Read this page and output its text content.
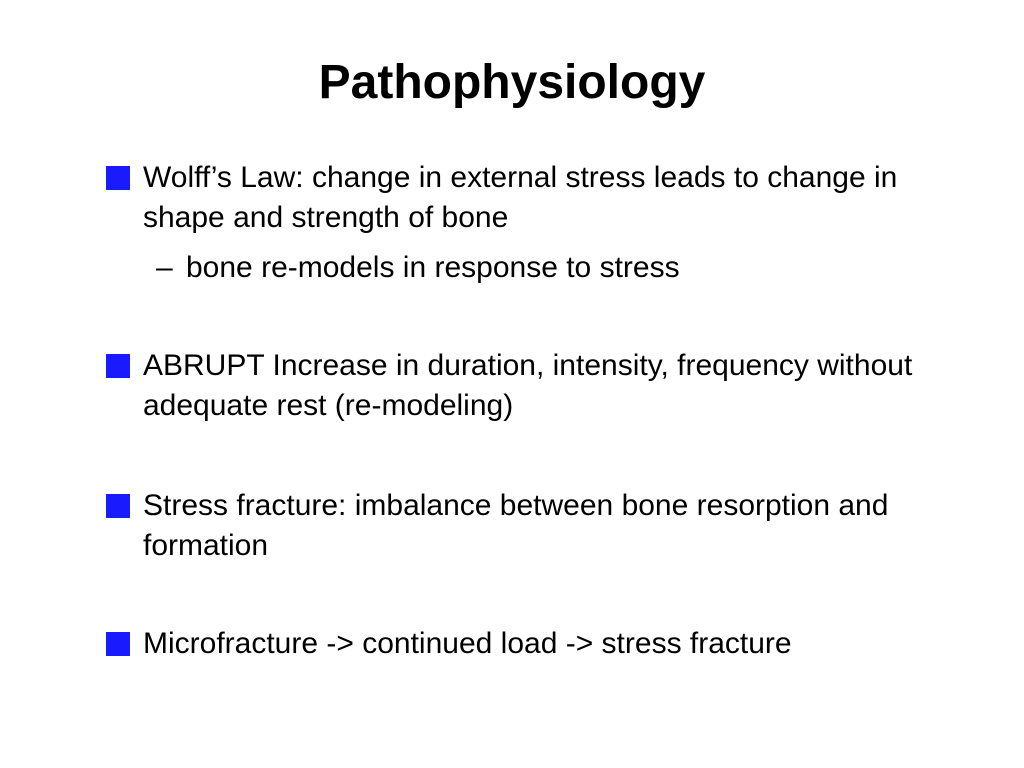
Pathophysiology
Wolff’s Law: change in external stress leads to change in shape and strength of bone
– bone re-models in response to stress
ABRUPT Increase in duration, intensity, frequency without adequate rest (re-modeling)
Stress fracture: imbalance between bone resorption and formation
Microfracture -> continued load -> stress fracture
